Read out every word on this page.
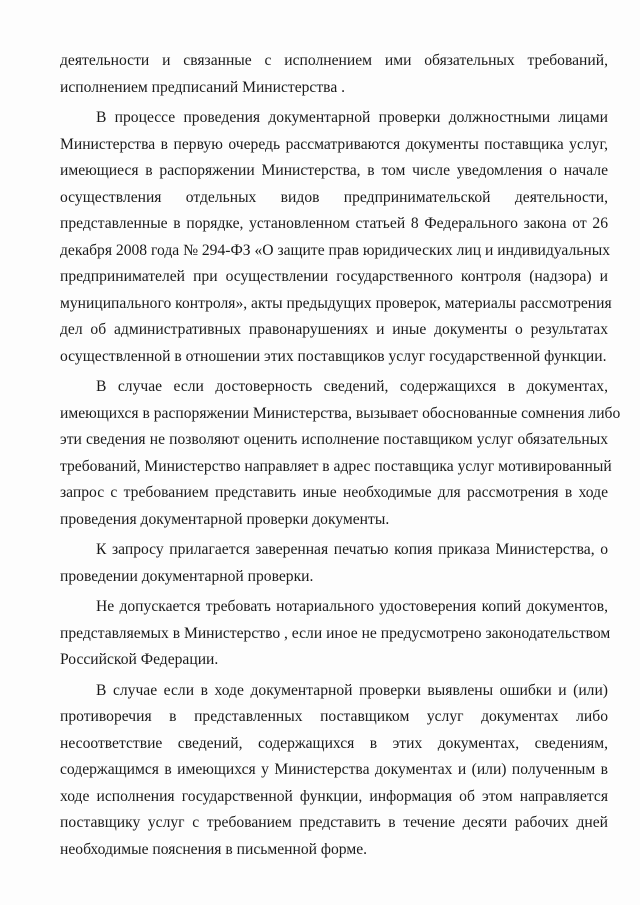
деятельности и связанные с исполнением ими обязательных требований,
исполнением предписаний Министерства .
В процессе проведения документарной проверки должностными лицами
Министерства в первую очередь рассматриваются документы поставщика услуг,
имеющиеся в распоряжении Министерства, в том числе уведомления о начале
осуществления отдельных видов предпринимательской деятельности,
представленные в порядке, установленном статьей 8 Федерального закона от 26
декабря 2008 года № 294-ФЗ «О защите прав юридических лиц и индивидуальных
предпринимателей при осуществлении государственного контроля (надзора) и
муниципального контроля», акты предыдущих проверок, материалы рассмотрения
дел об административных правонарушениях и иные документы о результатах
осуществленной в отношении этих поставщиков услуг государственной функции.
В случае если достоверность сведений, содержащихся в документах,
имеющихся в распоряжении Министерства, вызывает обоснованные сомнения либо
эти сведения не позволяют оценить исполнение поставщиком услуг обязательных
требований, Министерство направляет в адрес поставщика услуг мотивированный
запрос с требованием представить иные необходимые для рассмотрения в ходе
проведения документарной проверки документы.
К запросу прилагается заверенная печатью копия приказа Министерства, о
проведении документарной проверки.
Не допускается требовать нотариального удостоверения копий документов,
представляемых в Министерство , если иное не предусмотрено законодательством
Российской Федерации.
В случае если в ходе документарной проверки выявлены ошибки и (или)
противоречия в представленных поставщиком услуг документах либо
несоответствие сведений, содержащихся в этих документах, сведениям,
содержащимся в имеющихся у Министерства документах и (или) полученным в
ходе исполнения государственной функции, информация об этом направляется
поставщику услуг с требованием представить в течение десяти рабочих дней
необходимые пояснения в письменной форме.
